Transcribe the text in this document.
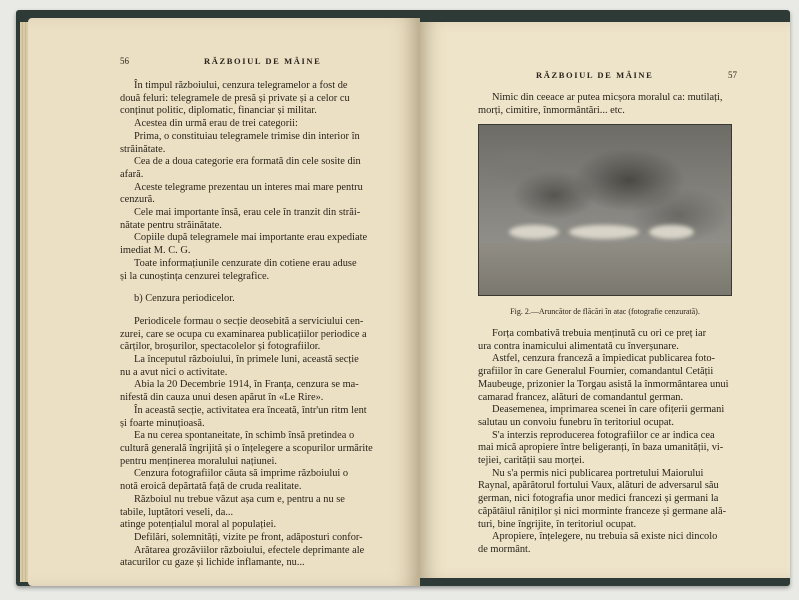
56	RĂZBOIUL DE MÂINE

În timpul războiului, cenzura telegramelor a fost de

două feluri: telegramele de presă și private și a celor cu

conținut politic, diplomatic, financiar și militar.

Acestea din urmă erau de trei categorii:

Prima, o constituiau telegramele trimise din interior în

străinătate.

Cea de a doua categorie era formată din cele sosite din

afară.

Aceste telegrame prezentau un interes mai mare pentru

cenzură.

Cele mai importante însă, erau cele în tranzit din străi-

nătate pentru străinătate.

Copiile după telegramele mai importante erau expediate

imediat M. C. G.

Toate informațiunile cenzurate din cotiene erau aduse

și la cunoștința cenzurei telegrafice.

b) Cenzura periodicelor.

Periodicele formau o secție deosebită a serviciului cen-

zurei, care se ocupa cu examinarea publicațiilor periodice a

cărților, broșurilor, spectacolelor și fotografiilor.

La începutul războiului, în primele luni, această secție

nu a avut nici o activitate.

Abia la 20 Decembrie 1914, în Franța, cenzura se ma-

nifestă din cauza unui desen apărut în «Le Rire».

În această secție, activitatea era înceată, într'un ritm lent

și foarte minuțioasă.

Ea nu cerea spontaneitate, în schimb însă pretindea o

cultură generală îngrijită și o înțelegere a scopurilor urmărite

pentru menținerea moralului națiunei.

Cenzura fotografiilor căuta să imprime războiului o

notă eroică depărtată față de cruda realitate.

Războiul nu trebue văzut așa cum e, pentru a nu se

tabile, luptători veseli, da...

atinge potențialul moral al populației.

Defilări, solemnități, vizite pe front, adăposturi confor-

Arătarea grozăviilor războiului, efectele deprimante ale

atacurilor cu gaze și lichide inflamante, nu...

RĂZBOIUL DE MÂINE	57

Nimic din ceeace ar putea micșora moralul ca: mutilați,

morți, cimitire, înmormântări... etc.

Fig. 2.—Aruncător de flăcări în atac (fotografie cenzurată).

Forța combativă trebuia menținută cu ori ce preț iar

ura contra inamicului alimentată cu înverșunare.

Astfel, cenzura franceză a împiedicat publicarea foto-

grafiilor în care Generalul Fournier, comandantul Cetății

Maubeuge, prizonier la Torgau asistă la înmormântarea unui

camarad francez, alături de comandantul german.

Deasemenea, imprimarea scenei în care ofițerii germani

salutau un convoiu funebru în teritoriul ocupat.

S'a interzis reproducerea fotografiilor ce ar indica cea

mai mică apropiere între beligeranți, în baza umanității, vi-

tejiei, carității sau morței.

Nu s'a permis nici publicarea portretului Maiorului

Raynal, apărătorul fortului Vaux, alături de adversarul său

german, nici fotografia unor medici francezi și germani la

căpătâiul răniților și nici morminte franceze și germane ală-

turi, bine îngrijite, în teritoriul ocupat.

Apropiere, înțelegere, nu trebuia să existe nici dincolo

de mormânt.
